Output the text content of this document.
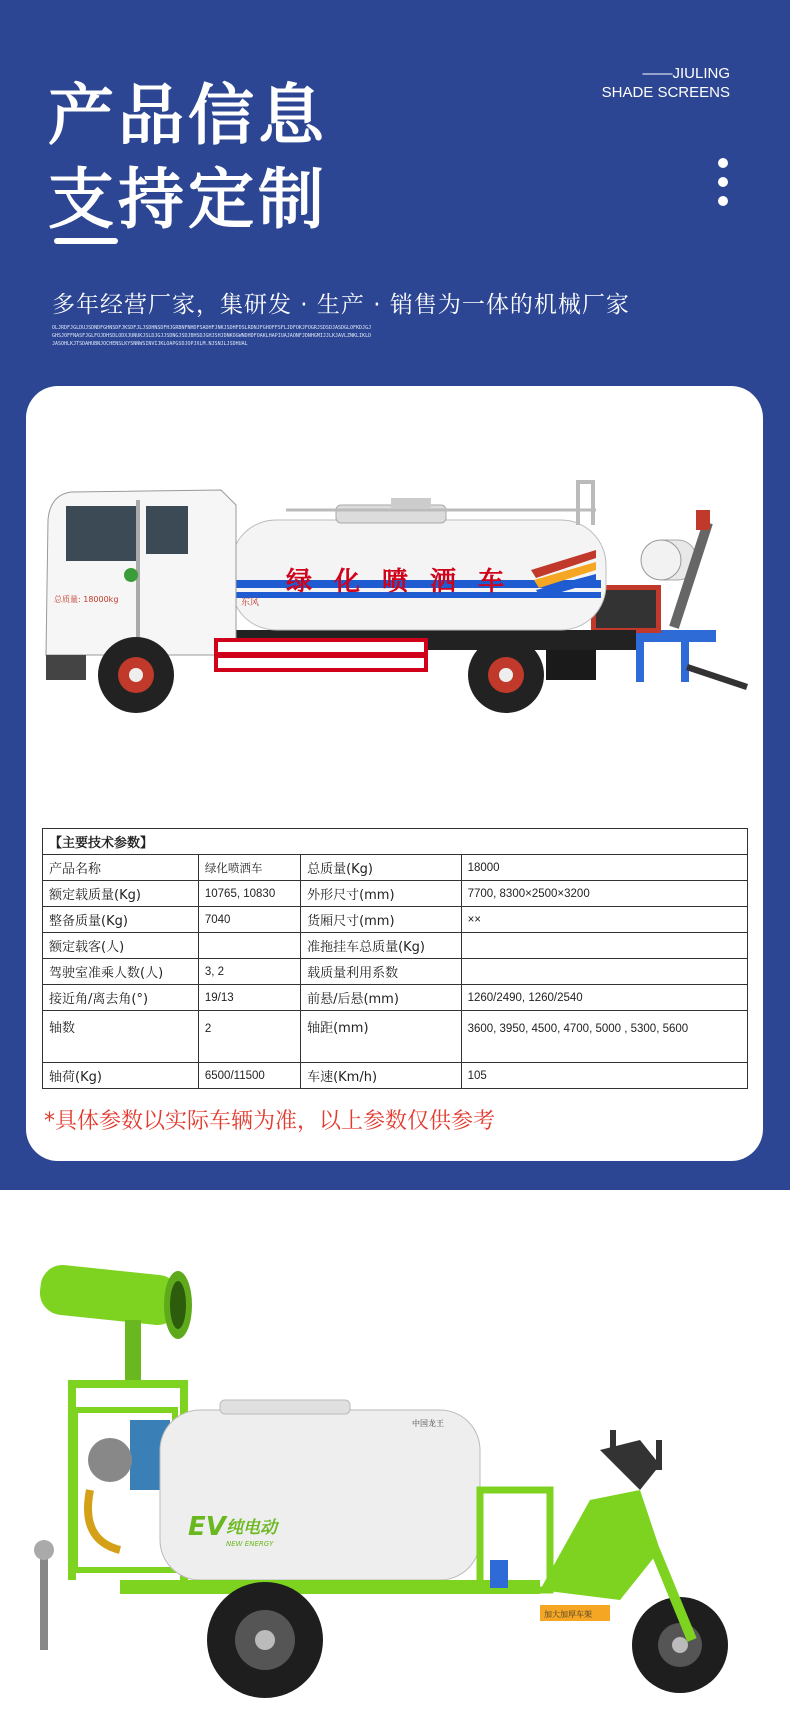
产品信息
支持定制
——JIULING
SHADE SCREENS
多年经营厂家，集研发 · 生产 · 销售为一体的机械厂家
OLJRDFJGLDUJSDNDFGHNSDFJKSDFJLJSDHNSDFHJGRBNFNHDFSADHFJNKJSDHFDSLRDNJFGHOFFSFLJDFOKJFOGRJSDSDJASDGLOFKDJGJGHSJOFFNASFJGLFOJDHSDLODXJUNUKJSLDJGJJSDNGJSDJBHSDJGHJSHJDNKOGWNDHDFOAKLHAPIUAJAONFJDNHGMIJJLKJAVLZNKLIKLDJASOHLKJTSDAHUBNJOCHENSLKYSNNWSINVIJKLOAPGSDJOPJXLM.NJSNJLJSDHUAL
绿化喷洒车
东风
总质量: 18000kg
【主要技术参数】			
产品名称	绿化喷洒车	总质量(Kg)	18000
额定载质量(Kg)	10765, 10830	外形尺寸(mm)	7700, 8300×2500×3200
整备质量(Kg)	7040	货厢尺寸(mm)	××
额定载客(人)		准拖挂车总质量(Kg)	
驾驶室准乘人数(人)	3, 2	载质量利用系数	
接近角/离去角(°)	19/13	前悬/后悬(mm)	1260/2490, 1260/2540
轴数	2	轴距(mm)	3600, 3950, 4500, 4700, 5000 , 5300, 5600
轴荷(Kg)	6500/11500	车速(Km/h)	105
*具体参数以实际车辆为准，以上参数仅供参考
EV 纯电动
NEW ENERGY
中国龙王
加大加厚车架
